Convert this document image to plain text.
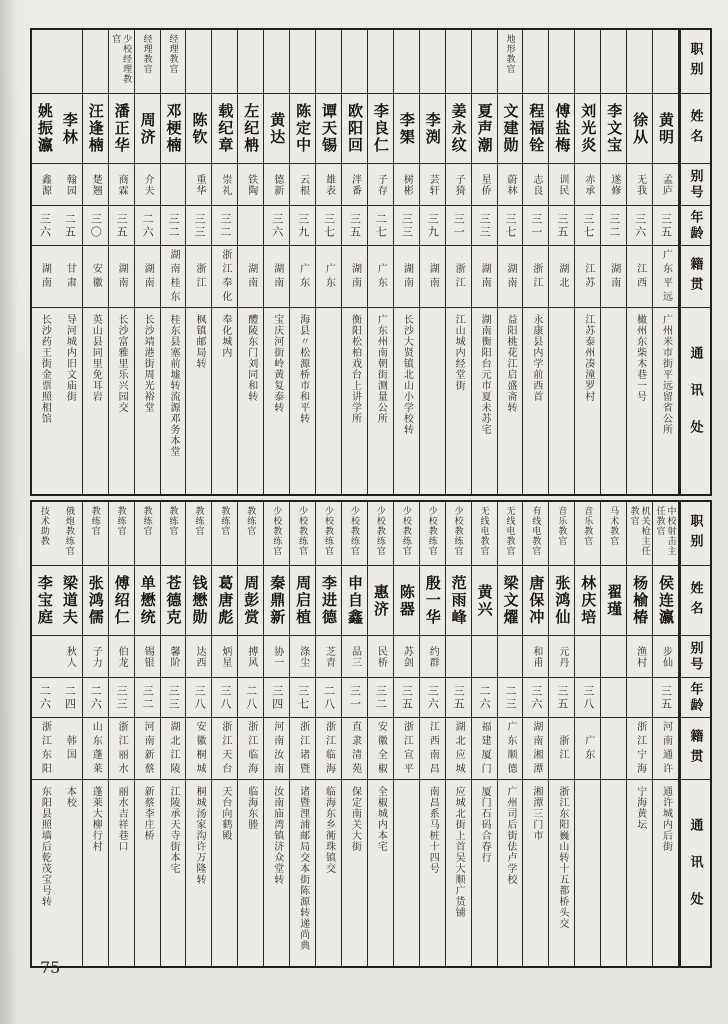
职别
姓名
别号
年龄
籍贯
通讯处
黄明
孟庐
三五
广东平远
广州米市街平远留省公所
徐从
无我
三六
江西
橄州东柴木巷一号
李文宝
遂修
三二
湖南
刘光炎
赤承
三七
江苏
江苏泰州凑潼罗村
傅盐梅
训民
三五
湖北
程福铨
志良
三一
浙江
永康县内学前西首
地形教官
文建勋
蔚林
三七
湖南
益阳桃花江启盛斋转
夏声潮
星侨
三三
湖南
湖南衡阳台元市夏未苏宅
姜永纹
子猗
三一
浙江
江山城内经堂街
李渕
芸轩
三九
湖南
李榘
树彬
三三
湖南
长沙大贤镇北山小学校转
李良仁
子存
二七
广东
广东州南朝街测量公所
欧阳回
泮番
三五
湖南
衡阳松柏戏台上讲学所
谭天锡
雄表
三七
广东
陈定中
云根
三九
广东
海县〃松源桥市和平转
黄达
德新
三六
湖南
宝庆河街岭黄复泰转
左纪柟
铁陶
湖南
醴陵东门刘同和转
载纪章
崇礼
三二
浙江奉化
奉化城内
陈钦
重华
三三
浙江
枫镇邮局转
经理教官
邓梗楠
三二
湖南桂东
桂东县塞前墟转流源邓务本堂
经理教官
周济
介夫
二六
湖南
长沙靖港街周光裕堂
少校经理教官
潘正华
商霖
三五
湖南
长沙富雅里乐兴园交
汪逢楠
楚翘
三〇
安徽
英山县同里免耳岩
李林
翰园
二五
甘肃
导河城内旧文庙街
姚振瀛
鑫源
三六
湖南
长沙药王街金票照相馆
职别
姓名
别号
年龄
籍贯
通讯处
中校射击主任教官
侯连瀛
步仙
三五
河南通许
通许城内后街
机关枪主任教官
杨榆椿
渔村
浙江宁海
宁海黄坛
马术教官
翟瑾
音乐教官
林庆培
三八
广东
音乐教官
张鸿仙
元丹
三五
浙江
浙江东阳巍山转十五都桥头交
有线电教官
唐保冲
和甫
三六
湖南湘潭
湘潭三门市
无线电教官
梁文燿
二三
广东顺德
广州司后街佉卢学校
无线电教官
黄兴
二六
福建厦门
厦门石码合春行
少校教练官
范雨峰
三五
湖北应城
应城北街上首吴大顺广货铺
少校教练官
殷一华
约群
三六
江西南昌
南昌系马桩十四号
少校教练官
陈器
苏剑
三五
浙江宣平
少校教练官
惠济
民桥
三二
安徽全椒
全椒城内本宅
少校教练官
申自鑫
品三
三一
直隶清苑
保定南关大街
少校教练官
李进德
芝青
二八
浙江临海
临海东乡衕珠镇交
少校教练官
周启植
涤尘
三七
浙江诸暨
诸暨浬浦邮局交本街陈源转递尚典
少校教练官
秦鼎新
协一
三四
河南汝南
汝南庙湾镇济众堂转
教练官
周彭赏
搏风
二八
浙江临海
临海东塍
教练官
葛唐彪
炳星
三八
浙江天台
天台向鹤殿
教练官
钱懋勋
达西
三八
安徽桐城
桐城汤家沟许万隆转
教练官
苍德克
馨阶
三三
湖北江陵
江陵承天寺街本宅
教练官
单懋统
锡银
三二
河南新蔡
新蔡李庄桥
教练官
傅绍仁
伯龙
三三
浙江丽水
丽水吉祥巷口
教练官
张鸿儒
子力
二六
山东蓬莱
蓬莱大柳行村
俄炮教练官
梁道夫
秋人
二四
韩国
本校
技术助教
李宝庭
二六
浙江东阳
东阳县照墙后乾茂宝号转
75
